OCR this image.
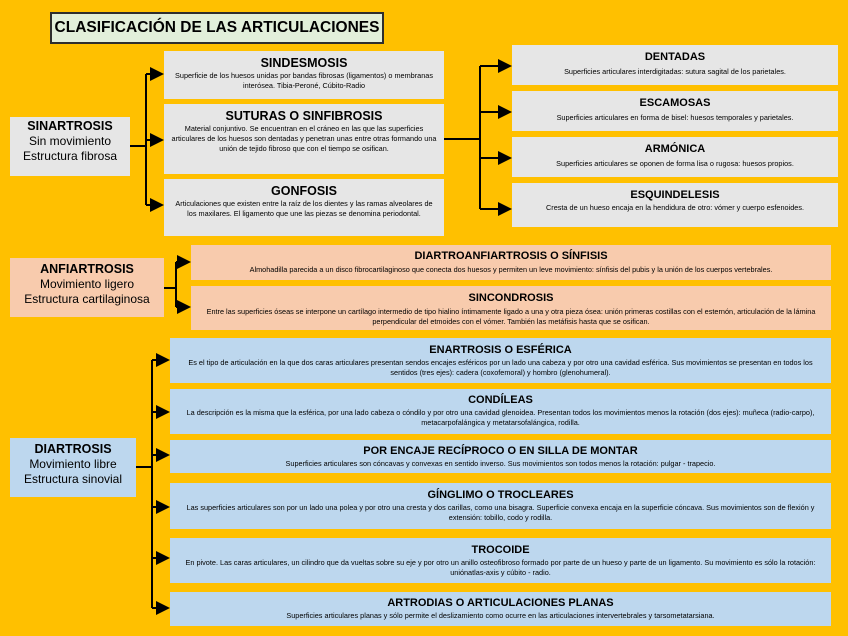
CLASIFICACIÓN DE LAS ARTICULACIONES
SINARTROSIS
Sin movimiento
Estructura fibrosa
SINDESMOSIS
Superficie de los huesos unidas por bandas fibrosas (ligamentos) o membranas interósea. Tibia-Peroné, Cúbito-Radio
SUTURAS O SINFIBROSIS
Material conjuntivo. Se encuentran en el cráneo en las que las superficies articulares de los huesos son dentadas y penetran unas entre otras formando una unión de tejido fibroso que con el tiempo se osifican.
GONFOSIS
Articulaciones que existen entre la raíz de los dientes y las ramas alveolares de los maxilares. El ligamento que une las piezas se denomina periodontal.
DENTADAS
Superficies articulares interdigitadas: sutura sagital de los parietales.
ESCAMOSAS
Superficies articulares en forma de bisel: huesos temporales y parietales.
ARMÓNICA
Superficies articulares se oponen de forma lisa o rugosa: huesos propios.
ESQUINDELESIS
Cresta de un hueso encaja en la hendidura de otro: vómer y cuerpo esfenoides.
ANFIARTROSIS
Movimiento ligero
Estructura cartilaginosa
DIARTROANFIARTROSIS O SÍNFISIS
Almohadilla parecida a un disco fibrocartilaginoso que conecta dos huesos y permiten un leve movimiento: sínfisis del pubis y la unión de los cuerpos vertebrales.
SINCONDROSIS
Entre las superficies óseas se interpone un cartílago intermedio de tipo hialino íntimamente ligado a una y otra pieza ósea: unión primeras costillas con el esternón, articulación de la lámina perpendicular del etmoides con el vómer. También las metáfisis hasta que se osifican.
DIARTROSIS
Movimiento libre
Estructura sinovial
ENARTROSIS O ESFÉRICA
Es el tipo de articulación en la que dos caras articulares presentan sendos encajes esféricos por un lado una cabeza y por otro una cavidad esférica. Sus movimientos se presentan en todos los sentidos (tres ejes): cadera (coxofemoral) y hombro (glenohumeral).
CONDÍLEAS
La descripción es la misma que la esférica, por una lado cabeza o cóndilo y por otro una cavidad glenoidea. Presentan todos los movimientos menos la rotación (dos ejes): muñeca (radio-carpo), metacarpofalángica y metatarsofalángica, rodilla.
POR ENCAJE RECÍPROCO O EN SILLA DE MONTAR
Superficies articulares son cóncavas y convexas en sentido inverso. Sus movimientos son todos menos la rotación: pulgar - trapecio.
GÍNGLIMO O TROCLEARES
Las superficies articulares son por un lado una polea y por otro una cresta y dos carillas, como una bisagra. Superficie convexa encaja en la superficie cóncava. Sus movimientos son de flexión y extensión: tobillo, codo y rodilla.
TROCOIDE
En pivote. Las caras articulares, un cilindro que da vueltas sobre su eje y por otro un anillo osteofibroso formado por parte de un hueso y parte de un ligamento. Su movimiento es sólo la rotación: uniónatlas-axis y cúbito - radio.
ARTRODIAS O ARTICULACIONES PLANAS
Superficies articulares planas y sólo permite el deslizamiento como ocurre en las articulaciones intervertebrales y tarsometatarsiana.
